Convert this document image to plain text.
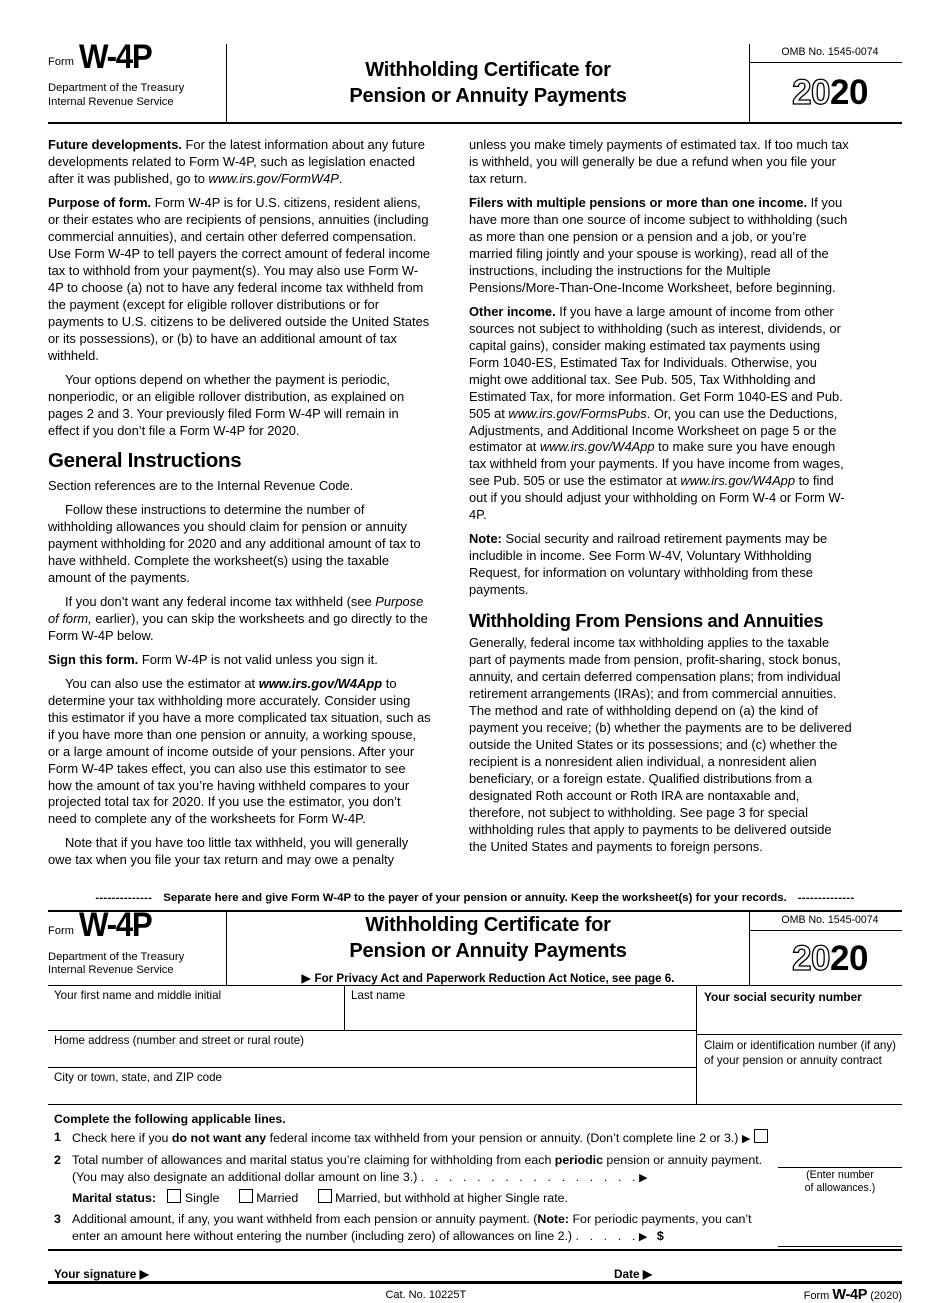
Form W-4P
Department of the Treasury
Internal Revenue Service
Withholding Certificate for
Pension or Annuity Payments
OMB No. 1545-0074
20 20

Future developments. For the latest information about any future developments related to Form W-4P, such as legislation enacted after it was published, go to www.irs.gov/FormW4P.

Purpose of form. Form W-4P is for U.S. citizens, resident aliens, or their estates who are recipients of pensions, annuities (including commercial annuities), and certain other deferred compensation. Use Form W-4P to tell payers the correct amount of federal income tax to withhold from your payment(s). You may also use Form W-4P to choose (a) not to have any federal income tax withheld from the payment (except for eligible rollover distributions or for payments to U.S. citizens to be delivered outside the United States or its possessions), or (b) to have an additional amount of tax withheld.

Your options depend on whether the payment is periodic, nonperiodic, or an eligible rollover distribution, as explained on pages 2 and 3. Your previously filed Form W-4P will remain in effect if you don’t file a Form W-4P for 2020.

General Instructions

Section references are to the Internal Revenue Code.

Follow these instructions to determine the number of withholding allowances you should claim for pension or annuity payment withholding for 2020 and any additional amount of tax to have withheld. Complete the worksheet(s) using the taxable amount of the payments.

If you don’t want any federal income tax withheld (see Purpose of form, earlier), you can skip the worksheets and go directly to the Form W-4P below.

Sign this form. Form W-4P is not valid unless you sign it.

You can also use the estimator at www.irs.gov/W4App to determine your tax withholding more accurately. Consider using this estimator if you have a more complicated tax situation, such as if you have more than one pension or annuity, a working spouse, or a large amount of income outside of your pensions. After your Form W-4P takes effect, you can also use this estimator to see how the amount of tax you’re having withheld compares to your projected total tax for 2020. If you use the estimator, you don’t need to complete any of the worksheets for Form W-4P.

Note that if you have too little tax withheld, you will generally owe tax when you file your tax return and may owe a penalty

unless you make timely payments of estimated tax. If too much tax is withheld, you will generally be due a refund when you file your tax return.

Filers with multiple pensions or more than one income. If you have more than one source of income subject to withholding (such as more than one pension or a pension and a job, or you’re married filing jointly and your spouse is working), read all of the instructions, including the instructions for the Multiple Pensions/More-Than-One-Income Worksheet, before beginning.

Other income. If you have a large amount of income from other sources not subject to withholding (such as interest, dividends, or capital gains), consider making estimated tax payments using Form 1040-ES, Estimated Tax for Individuals. Otherwise, you might owe additional tax. See Pub. 505, Tax Withholding and Estimated Tax, for more information. Get Form 1040-ES and Pub. 505 at www.irs.gov/FormsPubs. Or, you can use the Deductions, Adjustments, and Additional Income Worksheet on page 5 or the estimator at www.irs.gov/W4App to make sure you have enough tax withheld from your payments. If you have income from wages, see Pub. 505 or use the estimator at www.irs.gov/W4App to find out if you should adjust your withholding on Form W-4 or Form W-4P.

Note: Social security and railroad retirement payments may be includible in income. See Form W-4V, Voluntary Withholding Request, for information on voluntary withholding from these payments.

Withholding From Pensions and Annuities

Generally, federal income tax withholding applies to the taxable part of payments made from pension, profit-sharing, stock bonus, annuity, and certain deferred compensation plans; from individual retirement arrangements (IRAs); and from commercial annuities. The method and rate of withholding depend on (a) the kind of payment you receive; (b) whether the payments are to be delivered outside the United States or its possessions; and (c) whether the recipient is a nonresident alien individual, a nonresident alien beneficiary, or a foreign estate. Qualified distributions from a designated Roth account or Roth IRA are nontaxable and, therefore, not subject to withholding. See page 3 for special withholding rules that apply to payments to be delivered outside the United States and payments to foreign persons.

-------------- Separate here and give Form W-4P to the payer of your pension or annuity. Keep the worksheet(s) for your records. --------------
Form W-4P
Department of the Treasury
Internal Revenue Service
Withholding Certificate for
Pension or Annuity Payments
▶ For Privacy Act and Paperwork Reduction Act Notice, see page 6.
OMB No. 1545-0074
20 20
Your first name and middle initial	Last name
Home address (number and street or rural route)
City or town, state, and ZIP code
Your social security number
Claim or identification number (if any) of your pension or annuity contract
Complete the following applicable lines.
1 Check here if you do not want any federal income tax withheld from your pension or annuity. (Don’t complete line 2 or 3.) ▶
2 Total number of allowances and marital status you’re claiming for withholding from each periodic pension or annuity payment. (You may also designate an additional dollar amount on line 3.) . . . . . . . . . . . . . . . .▶
Marital status: Single	Married	Married, but withhold at higher Single rate.
(Enter number
of allowances.)
3 Additional amount, if any, you want withheld from each pension or annuity payment. (Note: For periodic payments, you can’t enter an amount here without entering the number (including zero) of allowances on line 2.) . . . . .▶ $
Your signature ▶	Date ▶
Cat. No. 10225T	Form W-4P (2020)
